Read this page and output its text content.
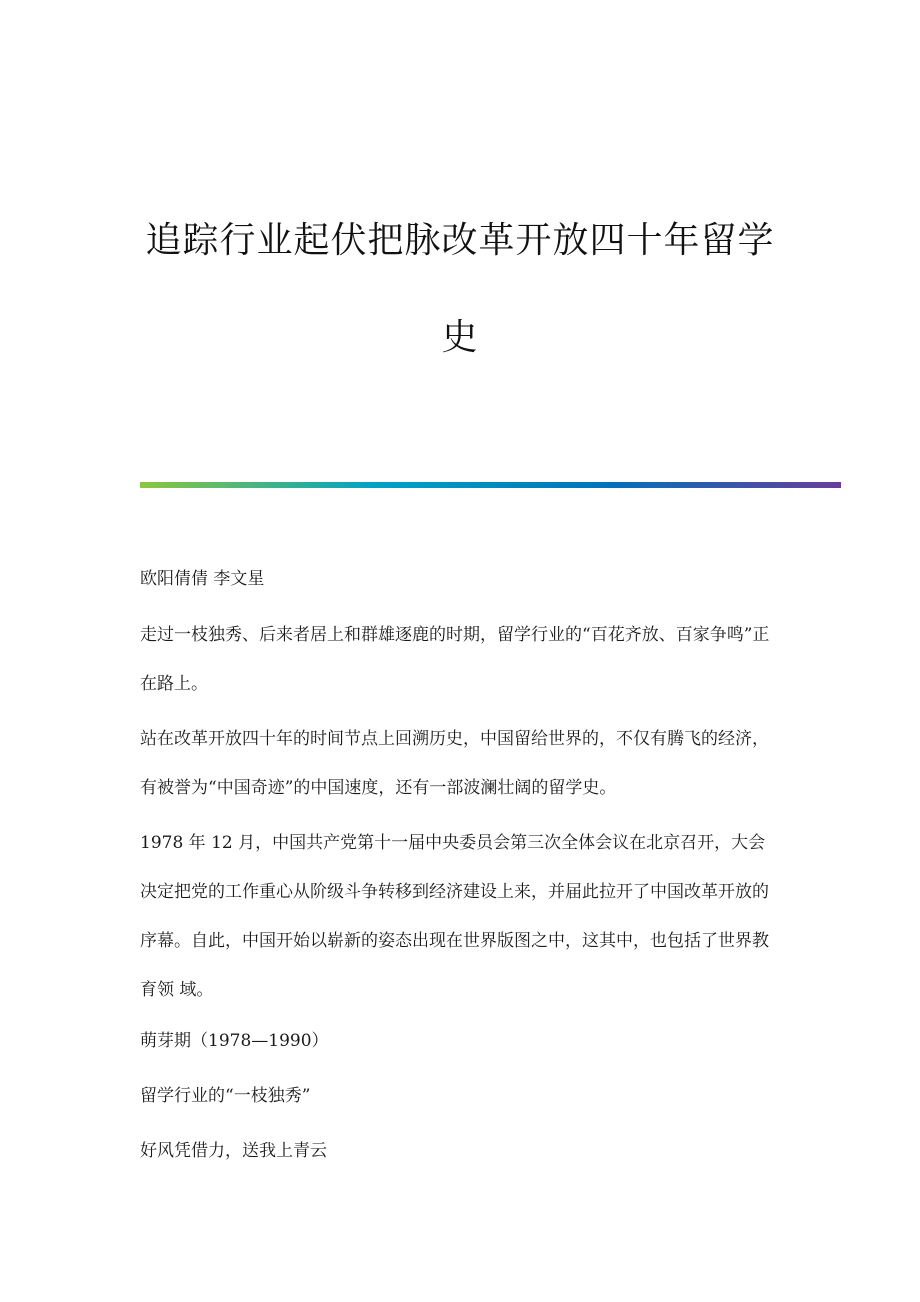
追踪行业起伏把脉改革开放四十年留学
史

欧阳倩倩 李文星

走过一枝独秀、后来者居上和群雄逐鹿的时期，留学行业的“百花齐放、百家争鸣”正在路上。

站在改革开放四十年的时间节点上回溯历史，中国留给世界的，不仅有腾飞的经济，有被誉为“中国奇迹”的中国速度，还有一部波澜壮阔的留学史。

1978 年 12 月，中国共产党第十一届中央委员会第三次全体会议在北京召开，大会决定把党的工作重心从阶级斗争转移到经济建设上来，并届此拉开了中国改革开放的序幕。自此，中国开始以崭新的姿态出现在世界版图之中，这其中，也包括了世界教育领 域。

萌芽期（1978—1990）

留学行业的“一枝独秀”

好风凭借力，送我上青云
